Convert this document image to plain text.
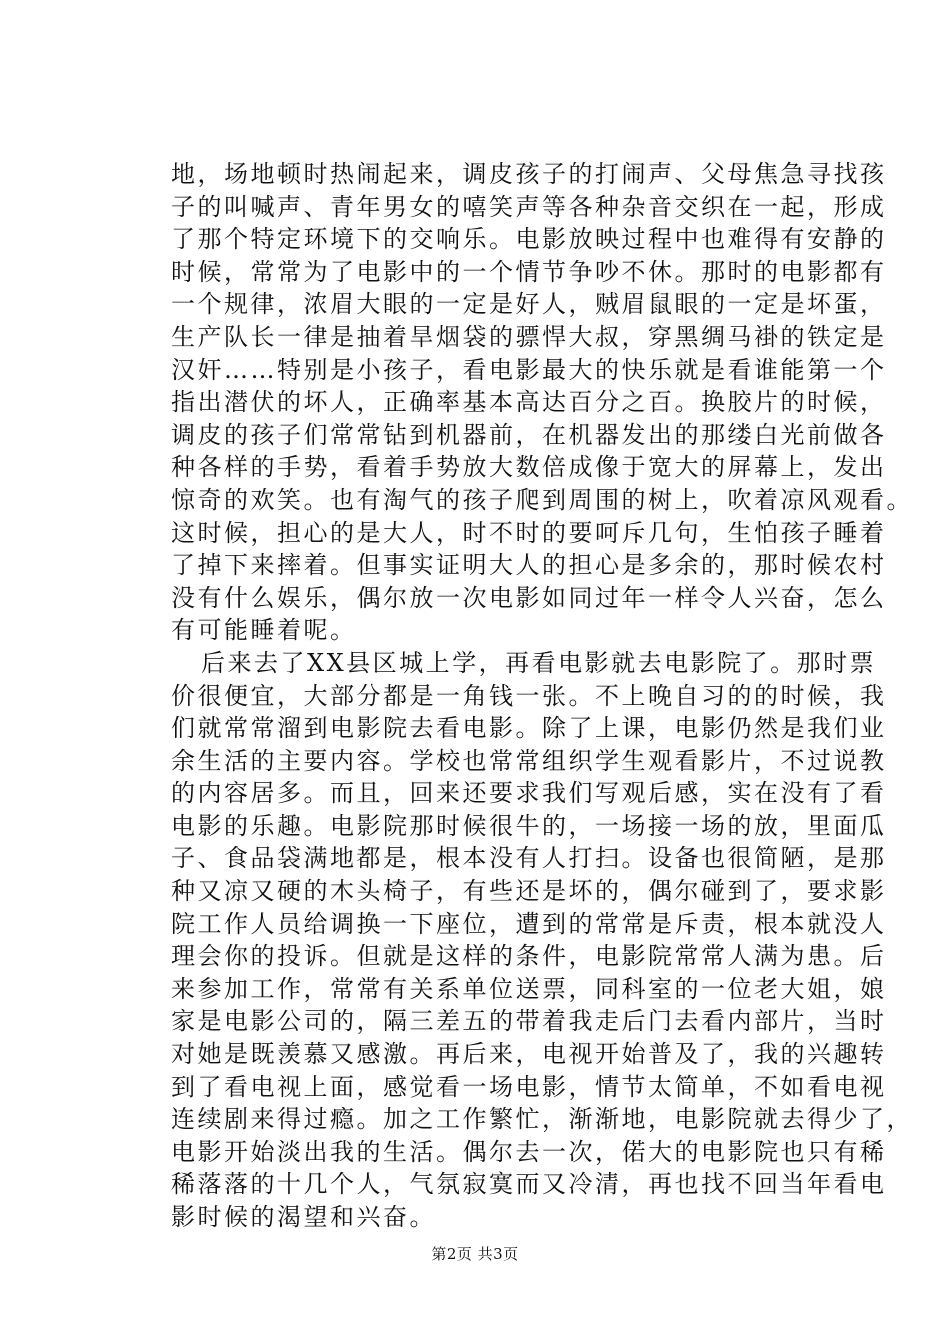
地，场地顿时热闹起来，调皮孩子的打闹声、父母焦急寻找孩
子的叫喊声、青年男女的嘻笑声等各种杂音交织在一起，形成
了那个特定环境下的交响乐。电影放映过程中也难得有安静的
时候，常常为了电影中的一个情节争吵不休。那时的电影都有
一个规律，浓眉大眼的一定是好人，贼眉鼠眼的一定是坏蛋，
生产队长一律是抽着旱烟袋的骠悍大叔，穿黑绸马褂的铁定是
汉奸……特别是小孩子，看电影最大的快乐就是看谁能第一个
指出潜伏的坏人，正确率基本高达百分之百。换胶片的时候，
调皮的孩子们常常钻到机器前，在机器发出的那缕白光前做各
种各样的手势，看着手势放大数倍成像于宽大的屏幕上，发出
惊奇的欢笑。也有淘气的孩子爬到周围的树上，吹着凉风观看。
这时候，担心的是大人，时不时的要呵斥几句，生怕孩子睡着
了掉下来摔着。但事实证明大人的担心是多余的，那时候农村
没有什么娱乐，偶尔放一次电影如同过年一样令人兴奋，怎么
有可能睡着呢。
后来去了XX县区城上学，再看电影就去电影院了。那时票
价很便宜，大部分都是一角钱一张。不上晚自习的的时候，我
们就常常溜到电影院去看电影。除了上课，电影仍然是我们业
余生活的主要内容。学校也常常组织学生观看影片，不过说教
的内容居多。而且，回来还要求我们写观后感，实在没有了看
电影的乐趣。电影院那时候很牛的，一场接一场的放，里面瓜
子、食品袋满地都是，根本没有人打扫。设备也很简陋，是那
种又凉又硬的木头椅子，有些还是坏的，偶尔碰到了，要求影
院工作人员给调换一下座位，遭到的常常是斥责，根本就没人
理会你的投诉。但就是这样的条件，电影院常常人满为患。后
来参加工作，常常有关系单位送票，同科室的一位老大姐，娘
家是电影公司的，隔三差五的带着我走后门去看内部片，当时
对她是既羡慕又感激。再后来，电视开始普及了，我的兴趣转
到了看电视上面，感觉看一场电影，情节太简单，不如看电视
连续剧来得过瘾。加之工作繁忙，渐渐地，电影院就去得少了，
电影开始淡出我的生活。偶尔去一次，偌大的电影院也只有稀
稀落落的十几个人，气氛寂寞而又冷清，再也找不回当年看电
影时候的渴望和兴奋。
第2页 共3页
